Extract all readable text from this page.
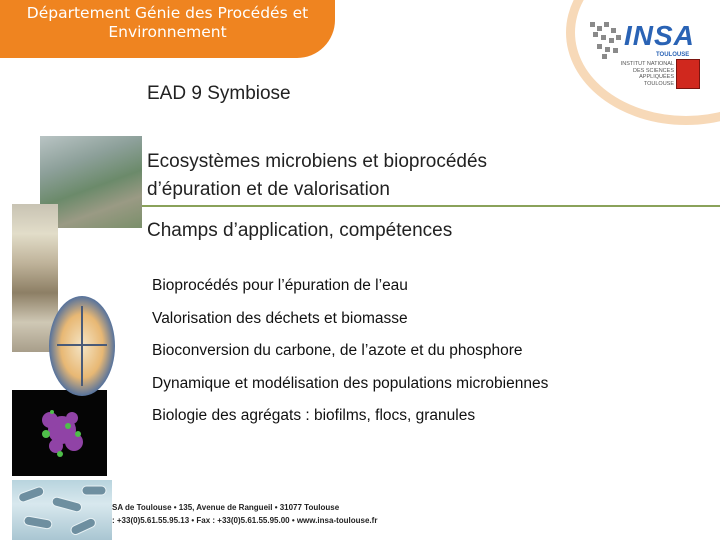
Département Génie des Procédés et
Environnement	INSA
TOULOUSE
INSTITUT NATIONAL
DES SCIENCES APPLIQUÉES
TOULOUSE
EAD 9 Symbiose
Ecosystèmes microbiens et bioprocédés
d’épuration et de valorisation
Champs d’application, compétences
Bioprocédés pour l’épuration de l’eau
Valorisation des déchets et biomasse
Bioconversion du carbone, de l’azote et du phosphore
Dynamique et modélisation des populations microbiennes
Biologie des agrégats : biofilms, flocs, granules
SA de Toulouse • 135, Avenue de Rangueil • 31077 Toulouse
: +33(0)5.61.55.95.13 • Fax : +33(0)5.61.55.95.00 • www.insa-toulouse.fr
